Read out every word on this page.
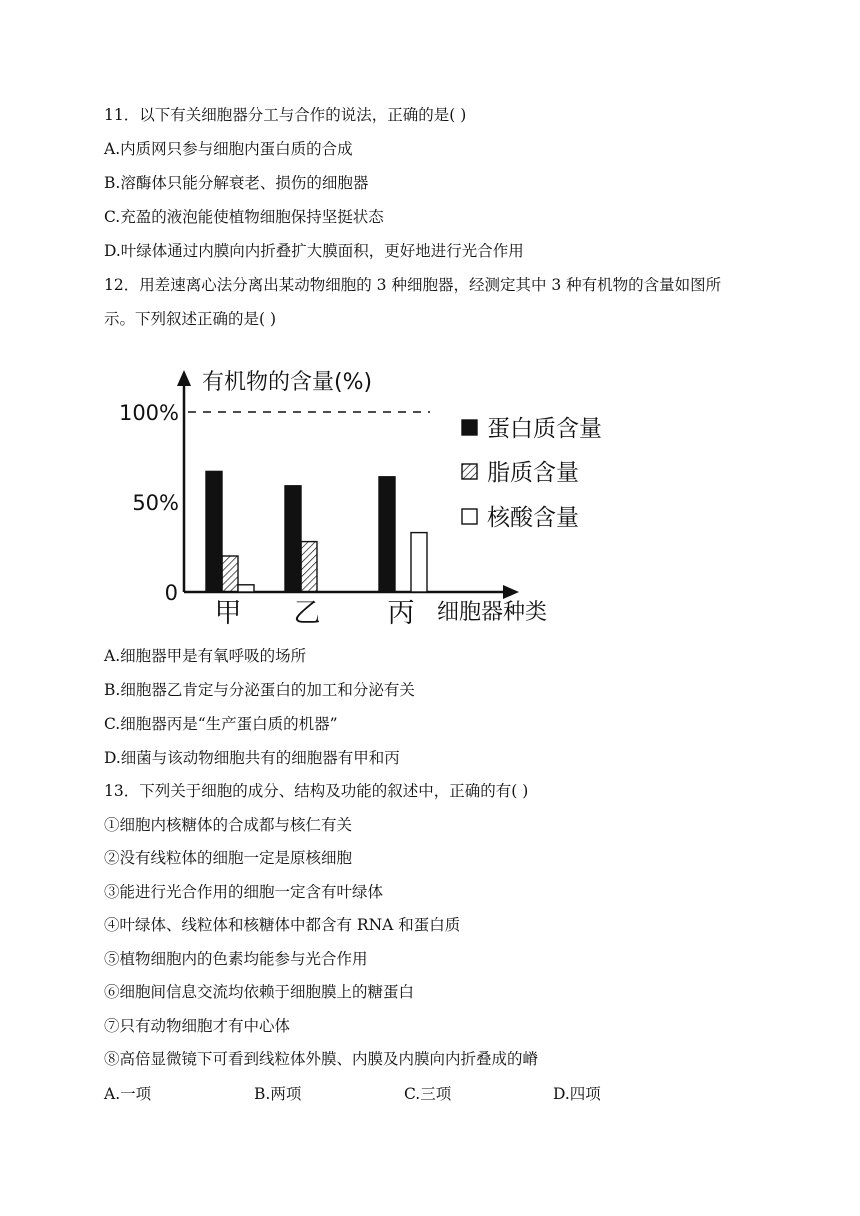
11．以下有关细胞器分工与合作的说法，正确的是( )
A.内质网只参与细胞内蛋白质的合成
B.溶酶体只能分解衰老、损伤的细胞器
C.充盈的液泡能使植物细胞保持坚挺状态
D.叶绿体通过内膜向内折叠扩大膜面积，更好地进行光合作用
12．用差速离心法分离出某动物细胞的 3 种细胞器，经测定其中 3 种有机物的含量如图所示。下列叙述正确的是( )
有机物的含量(%)
100%
50%
0
甲 乙 丙 细胞器种类
蛋白质含量
脂质含量
核酸含量
A.细胞器甲是有氧呼吸的场所
B.细胞器乙肯定与分泌蛋白的加工和分泌有关
C.细胞器丙是“生产蛋白质的机器”
D.细菌与该动物细胞共有的细胞器有甲和丙
13．下列关于细胞的成分、结构及功能的叙述中，正确的有( )
①细胞内核糖体的合成都与核仁有关
②没有线粒体的细胞一定是原核细胞
③能进行光合作用的细胞一定含有叶绿体
④叶绿体、线粒体和核糖体中都含有 RNA 和蛋白质
⑤植物细胞内的色素均能参与光合作用
⑥细胞间信息交流均依赖于细胞膜上的糖蛋白
⑦只有动物细胞才有中心体
⑧高倍显微镜下可看到线粒体外膜、内膜及内膜向内折叠成的嵴
A.一项	B.两项	C.三项	D.四项
